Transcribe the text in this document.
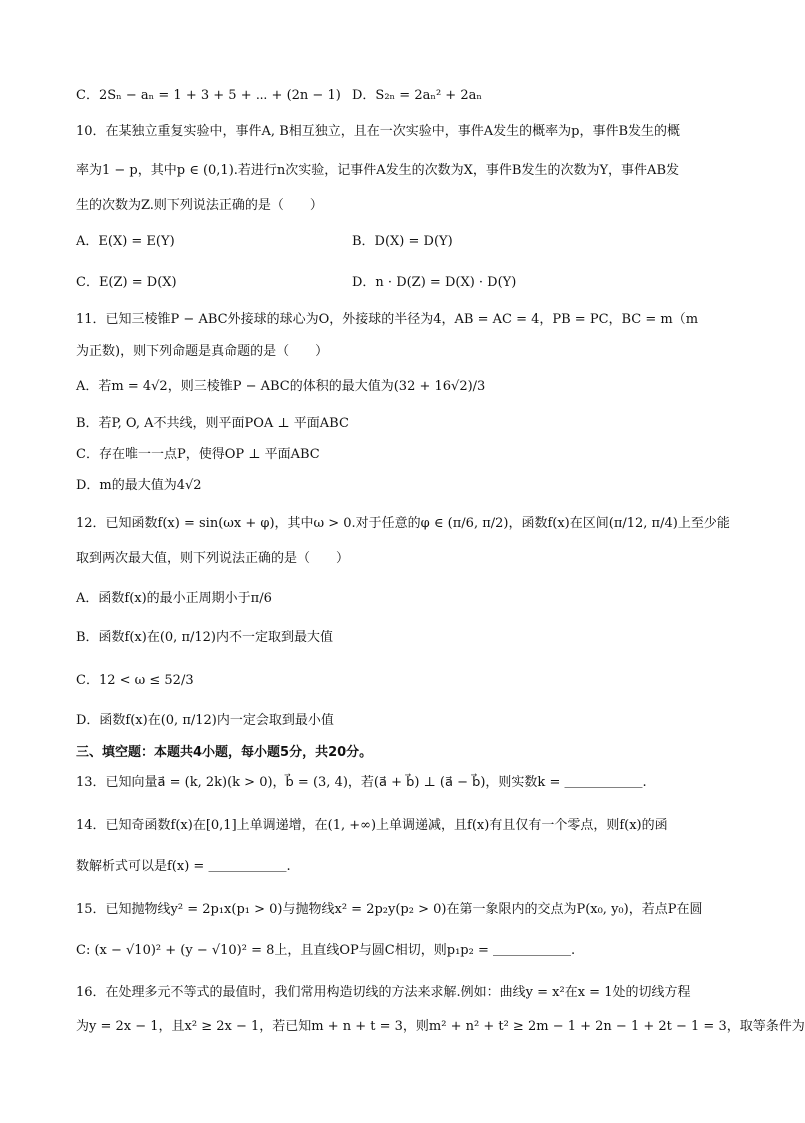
C．2Sₙ − aₙ = 1 + 3 + 5 + ⋯ + (2n − 1) D．S₂ₙ = 2aₙ² + 2aₙ
10．在某独立重复实验中，事件A, B相互独立，且在一次实验中，事件A发生的概率为p，事件B发生的概
率为1 − p，其中p ∈ (0,1).若进行n次实验，记事件A发生的次数为X，事件B发生的次数为Y，事件AB发
生的次数为Z.则下列说法正确的是（　　）
A．E(X) = E(Y)	B．D(X) = D(Y)
C．E(Z) = D(X)	D．n · D(Z) = D(X) · D(Y)
11．已知三棱锥P − ABC外接球的球心为O，外接球的半径为4，AB = AC = 4，PB = PC，BC = m（m
为正数)，则下列命题是真命题的是（　　）
A．若m = 4√2，则三棱锥P − ABC的体积的最大值为(32 + 16√2)/3
B．若P, O, A不共线，则平面POA ⊥ 平面ABC
C．存在唯一一点P，使得OP ⊥ 平面ABC
D．m的最大值为4√2
12．已知函数f(x) = sin(ωx + φ)，其中ω > 0.对于任意的φ ∈ (π/6, π/2)，函数f(x)在区间(π/12, π/4)上至少能
取到两次最大值，则下列说法正确的是（　　）
A．函数f(x)的最小正周期小于π/6
B．函数f(x)在(0, π/12)内不一定取到最大值
C．12 < ω ≤ 52/3
D．函数f(x)在(0, π/12)内一定会取到最小值
三、填空题：本题共4小题，每小题5分，共20分。
13．已知向量a⃗ = (k, 2k)(k > 0)，b⃗ = (3, 4)，若(a⃗ + b⃗) ⊥ (a⃗ − b⃗)，则实数k = ＿＿＿＿＿＿.
14．已知奇函数f(x)在[0,1]上单调递增，在(1, +∞)上单调递减，且f(x)有且仅有一个零点，则f(x)的函
数解析式可以是f(x) = ＿＿＿＿＿＿.
15．已知抛物线y² = 2p₁x(p₁ > 0)与抛物线x² = 2p₂y(p₂ > 0)在第一象限内的交点为P(x₀, y₀)，若点P在圆
C: (x − √10)² + (y − √10)² = 8上，且直线OP与圆C相切，则p₁p₂ = ＿＿＿＿＿＿.
16．在处理多元不等式的最值时，我们常用构造切线的方法来求解.例如：曲线y = x²在x = 1处的切线方程
为y = 2x − 1，且x² ≥ 2x − 1，若已知m + n + t = 3，则m² + n² + t² ≥ 2m − 1 + 2n − 1 + 2t − 1 = 3，取等条件为
